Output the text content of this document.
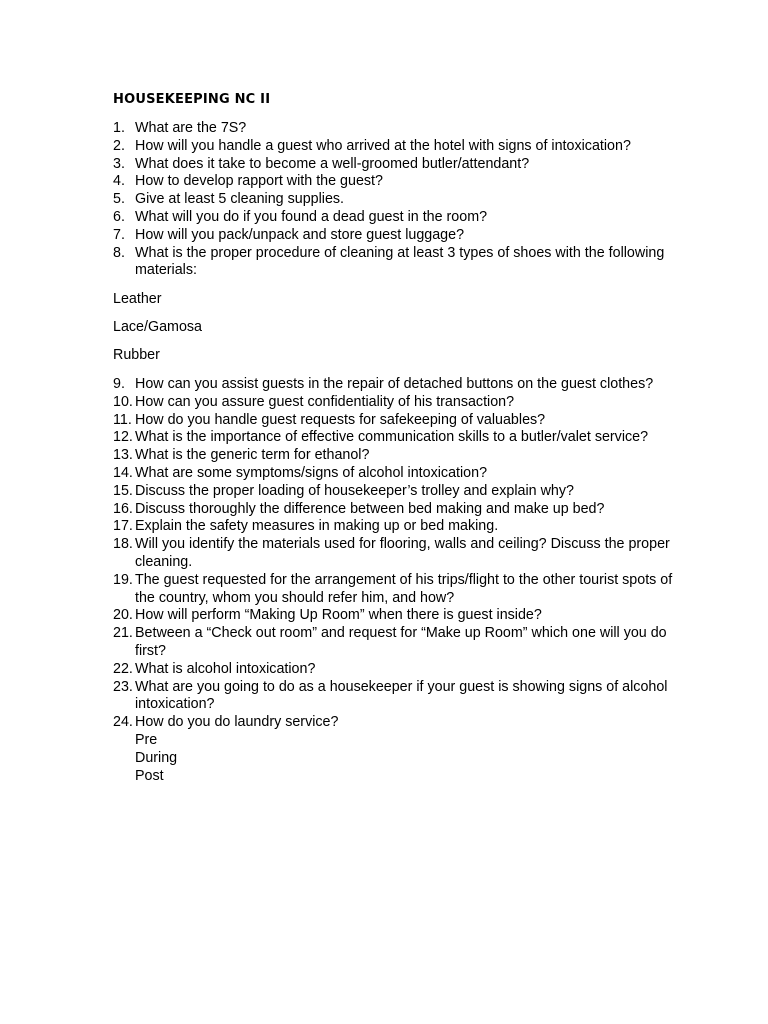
HOUSEKEEPING NC II
1. What are the 7S?
2. How will you handle a guest who arrived at the hotel with signs of intoxication?
3. What does it take to become a well-groomed butler/attendant?
4. How to develop rapport with the guest?
5. Give at least 5 cleaning supplies.
6. What will you do if you found a dead guest in the room?
7. How will you pack/unpack and store guest luggage?
8. What is the proper procedure of cleaning at least 3 types of shoes with the following materials:

Leather

Lace/Gamosa

Rubber

9. How can you assist guests in the repair of detached buttons on the guest clothes?
10. How can you assure guest confidentiality of his transaction?
11. How do you handle guest requests for safekeeping of valuables?
12. What is the importance of effective communication skills to a butler/valet service?
13. What is the generic term for ethanol?
14. What are some symptoms/signs of alcohol intoxication?
15. Discuss the proper loading of housekeeper’s trolley and explain why?
16. Discuss thoroughly the difference between bed making and make up bed?
17. Explain the safety measures in making up or bed making.
18. Will you identify the materials used for flooring, walls and ceiling? Discuss the proper cleaning.
19. The guest requested for the arrangement of his trips/flight to the other tourist spots of the country, whom you should refer him, and how?
20. How will perform “Making Up Room” when there is guest inside?
21. Between a “Check out room” and request for “Make up Room” which one will you do first?
22. What is alcohol intoxication?
23. What are you going to do as a housekeeper if your guest is showing signs of alcohol intoxication?
24. How do you do laundry service?
Pre
During
Post
